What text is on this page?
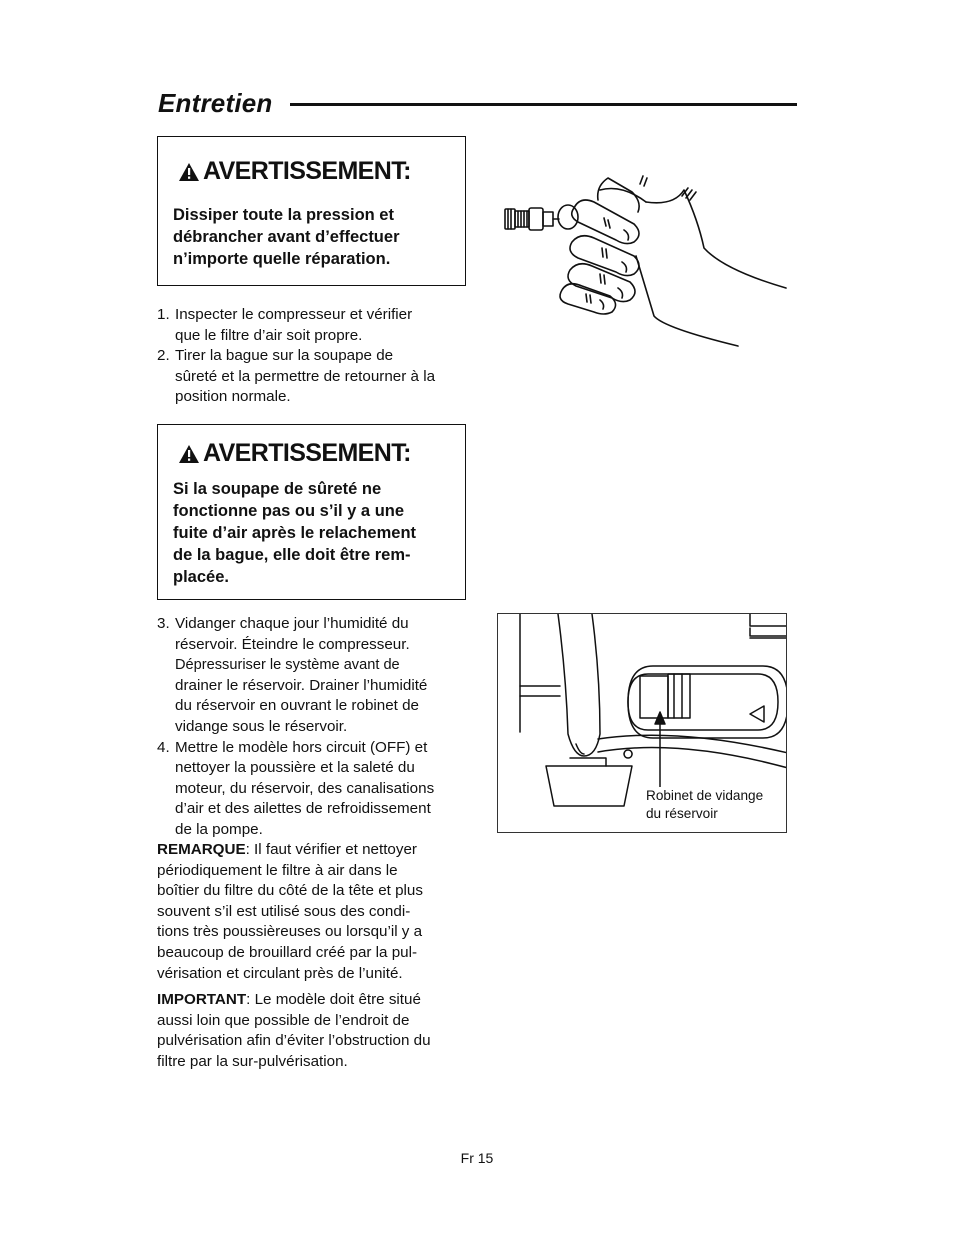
Entretien
AVERTISSEMENT:
Dissiper toute la pression et
débrancher avant d’effectuer
n’importe quelle réparation.
1. Inspecter le compresseur et vérifier
que le filtre d’air soit propre.
2. Tirer la bague sur la soupape de
sûreté et la permettre de retourner à la
position normale.
AVERTISSEMENT:
Si la soupape de sûreté ne
fonctionne pas ou s’il y a une
fuite d’air après le relachement
de la bague, elle doit être rem-
placée.
3. Vidanger chaque jour l’humidité du
réservoir. Éteindre le compresseur.
Dépressuriser le système avant de
drainer le réservoir. Drainer l’humidité
du réservoir en ouvrant le robinet de
vidange sous le réservoir.
4. Mettre le modèle hors circuit (OFF) et
nettoyer la poussière et la saleté du
moteur, du réservoir, des canalisations
d’air et des ailettes de refroidissement
de la pompe.
REMARQUE: Il faut vérifier et nettoyer
périodiquement le filtre à air dans le
boîtier du filtre du côté de la tête et plus
souvent s’il est utilisé sous des condi-
tions très poussièreuses ou lorsqu’il y a
beaucoup de brouillard créé par la pul-
vérisation et circulant près de l’unité.
IMPORTANT: Le modèle doit être situé
aussi loin que possible de l’endroit de
pulvérisation afin d’éviter l’obstruction du
filtre par la sur-pulvérisation.
Robinet de vidange
du réservoir
Fr 15
